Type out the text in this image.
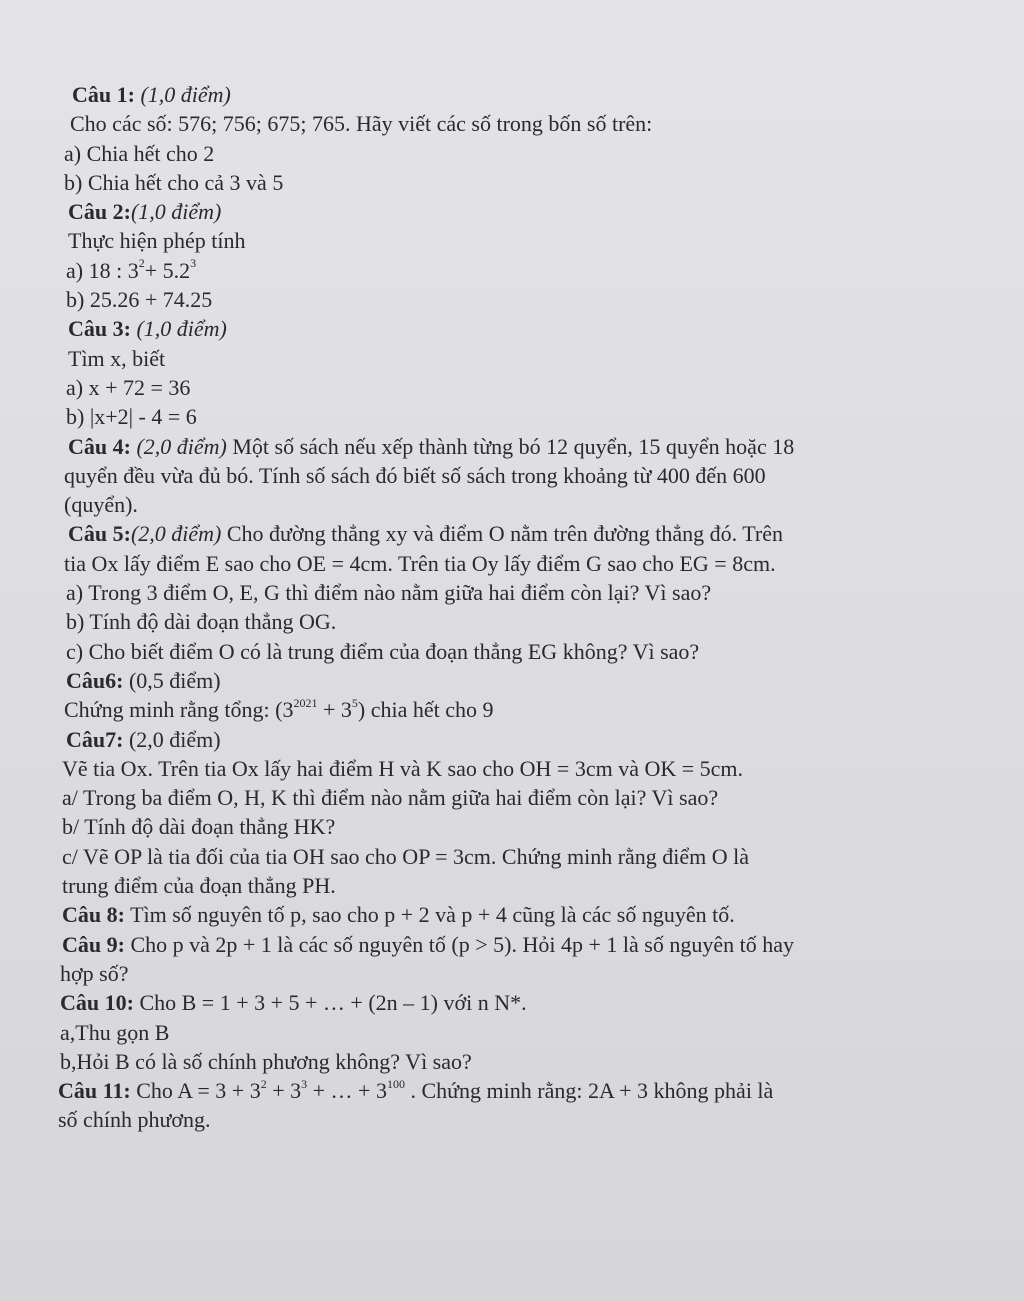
Câu 1: (1,0 điểm)
Cho các số: 576; 756; 675; 765. Hãy viết các số trong bốn số trên:
a) Chia hết cho 2
b) Chia hết cho cả 3 và 5
Câu 2:(1,0 điểm)
Thực hiện phép tính
a) 18 : $3^2+ 5.2^3$
b) 25.26 + 74.25
Câu 3: (1,0 điểm)
Tìm x, biết
a) x + 72 = 36
b) |x+2| - 4 = 6
Câu 4: (2,0 điểm) Một số sách nếu xếp thành từng bó 12 quyển, 15 quyển hoặc 18
quyển đều vừa đủ bó. Tính số sách đó biết số sách trong khoảng từ 400 đến 600
(quyển).
Câu 5:(2,0 điểm) Cho đường thẳng xy và điểm O nằm trên đường thẳng đó. Trên
tia Ox lấy điểm E sao cho OE = 4cm. Trên tia Oy lấy điểm G sao cho EG = 8cm.
a) Trong 3 điểm O, E, G thì điểm nào nằm giữa hai điểm còn lại? Vì sao?
b) Tính độ dài đoạn thẳng OG.
c) Cho biết điểm O có là trung điểm của đoạn thẳng EG không? Vì sao?
Câu6: (0,5 điểm)
Chứng minh rằng tổng: $(3^{2021} + 3^5)$ chia hết cho 9
Câu7: (2,0 điểm)
Vẽ tia Ox. Trên tia Ox lấy hai điểm H và K sao cho OH = 3cm và OK = 5cm.
a/ Trong ba điểm O, H, K thì điểm nào nằm giữa hai điểm còn lại? Vì sao?
b/ Tính độ dài đoạn thẳng HK?
c/ Vẽ OP là tia đối của tia OH sao cho OP = 3cm. Chứng minh rằng điểm O là
trung điểm của đoạn thẳng PH.
Câu 8: Tìm số nguyên tố p, sao cho p + 2 và p + 4 cũng là các số nguyên tố.
Câu 9: Cho p và 2p + 1 là các số nguyên tố (p > 5). Hỏi 4p + 1 là số nguyên tố hay
hợp số?
Câu 10: Cho B = 1 + 3 + 5 + … + (2n – 1) với n N*.
a,Thu gọn B
b,Hỏi B có là số chính phương không? Vì sao?
Câu 11: Cho $A = 3 + 3^2 + 3^3$ + … + $3^{100}$ . Chứng minh rằng: 2A + 3 không phải là
số chính phương.
